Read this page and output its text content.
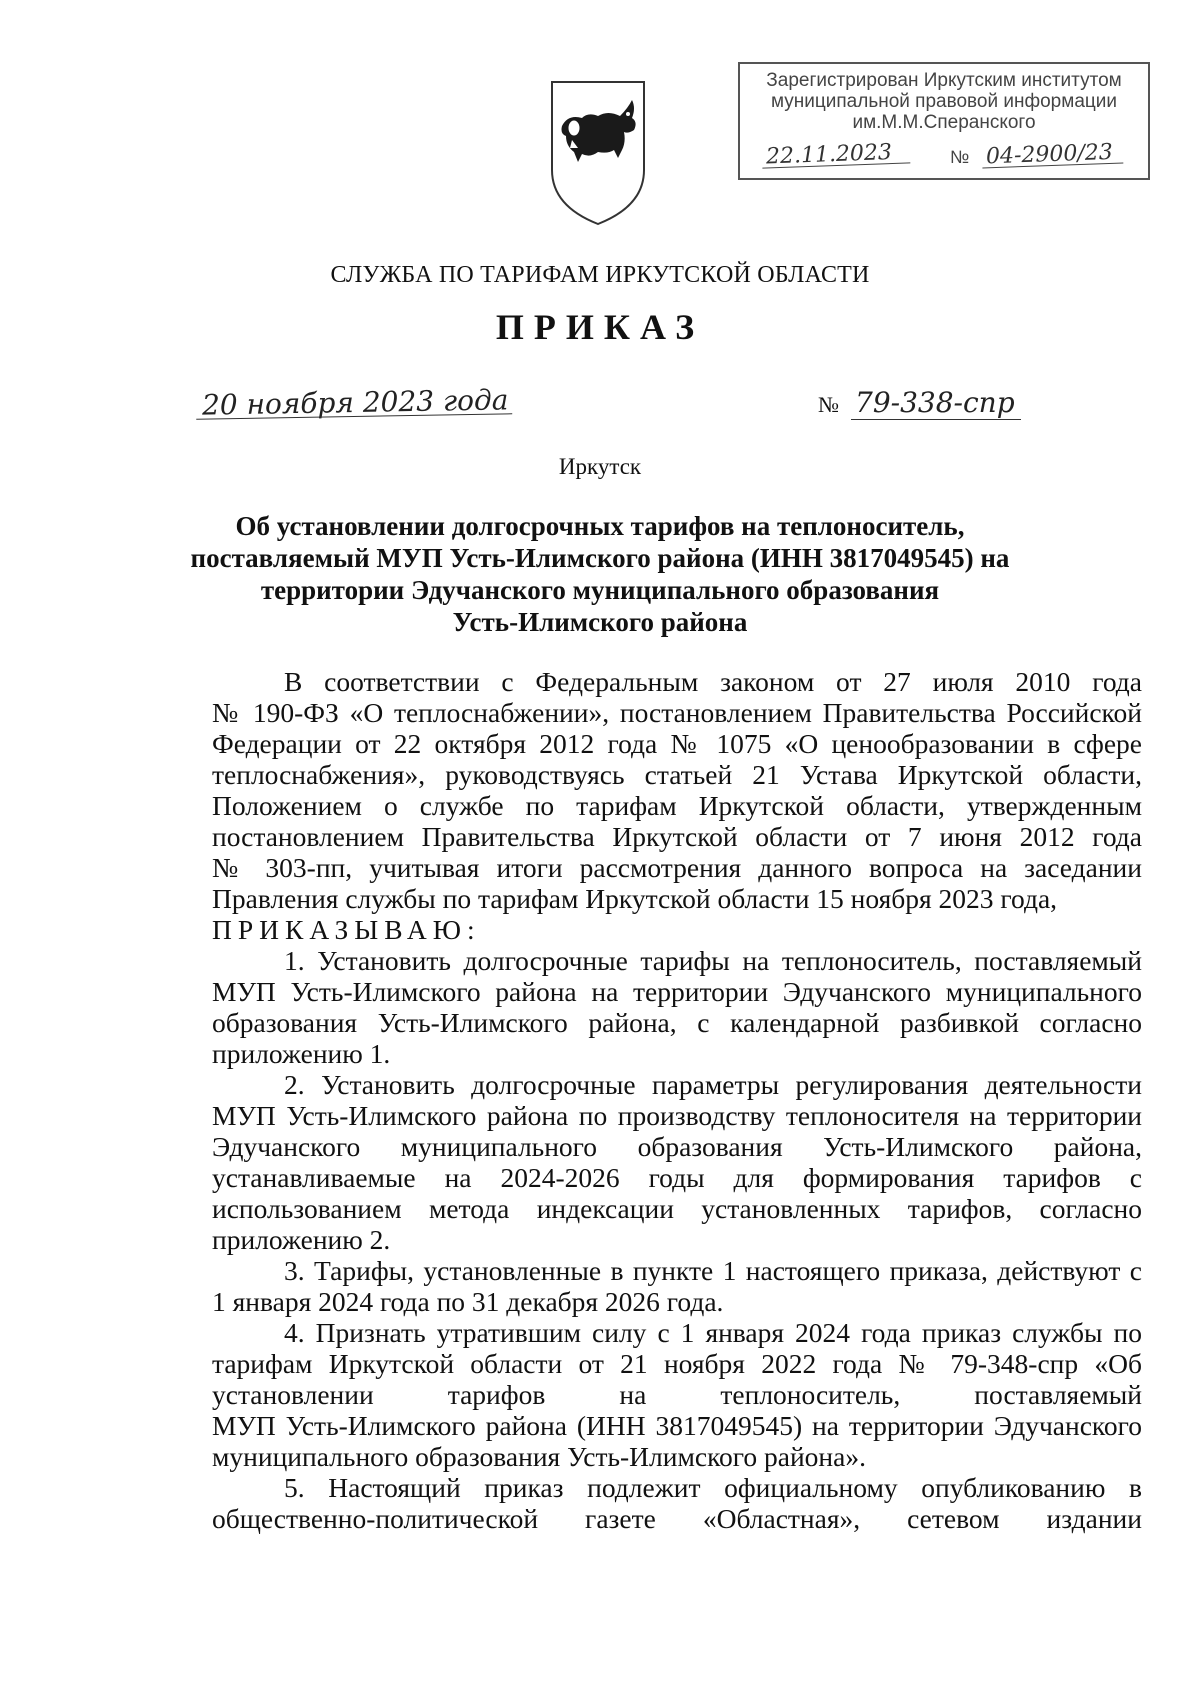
Зарегистрирован Иркутским институтом
муниципальной правовой информации
им.М.М.Сперанского
22.11.2023	№ 04-2900/23
СЛУЖБА ПО ТАРИФАМ ИРКУТСКОЙ ОБЛАСТИ
ПРИКАЗ
20 ноября 2023 года	№ 79-338-спр
Иркутск
Об установлении долгосрочных тарифов на теплоноситель,
поставляемый МУП Усть-Илимского района (ИНН 3817049545) на
территории Эдучанского муниципального образования
Усть-Илимского района

В соответствии с Федеральным законом от 27 июля 2010 года
№ 190-ФЗ «О теплоснабжении», постановлением Правительства Российской
Федерации от 22 октября 2012 года № 1075 «О ценообразовании в сфере
теплоснабжения», руководствуясь статьей 21 Устава Иркутской области,
Положением о службе по тарифам Иркутской области, утвержденным
постановлением Правительства Иркутской области от 7 июня 2012 года
№ 303-пп, учитывая итоги рассмотрения данного вопроса на заседании
Правления службы по тарифам Иркутской области 15 ноября 2023 года,
ПРИКАЗЫВАЮ:

1. Установить долгосрочные тарифы на теплоноситель, поставляемый
МУП Усть-Илимского района на территории Эдучанского муниципального
образования Усть-Илимского района, с календарной разбивкой согласно
приложению 1.

2. Установить долгосрочные параметры регулирования деятельности
МУП Усть-Илимского района по производству теплоносителя на территории
Эдучанского муниципального образования Усть-Илимского района,
устанавливаемые на 2024-2026 годы для формирования тарифов с
использованием метода индексации установленных тарифов, согласно
приложению 2.

3. Тарифы, установленные в пункте 1 настоящего приказа, действуют с
1 января 2024 года по 31 декабря 2026 года.

4. Признать утратившим силу с 1 января 2024 года приказ службы по
тарифам Иркутской области от 21 ноября 2022 года № 79-348-спр «Об
установлении тарифов на теплоноситель, поставляемый
МУП Усть-Илимского района (ИНН 3817049545) на территории Эдучанского
муниципального образования Усть-Илимского района».

5. Настоящий приказ подлежит официальному опубликованию в
общественно-политической газете «Областная», сетевом издании
